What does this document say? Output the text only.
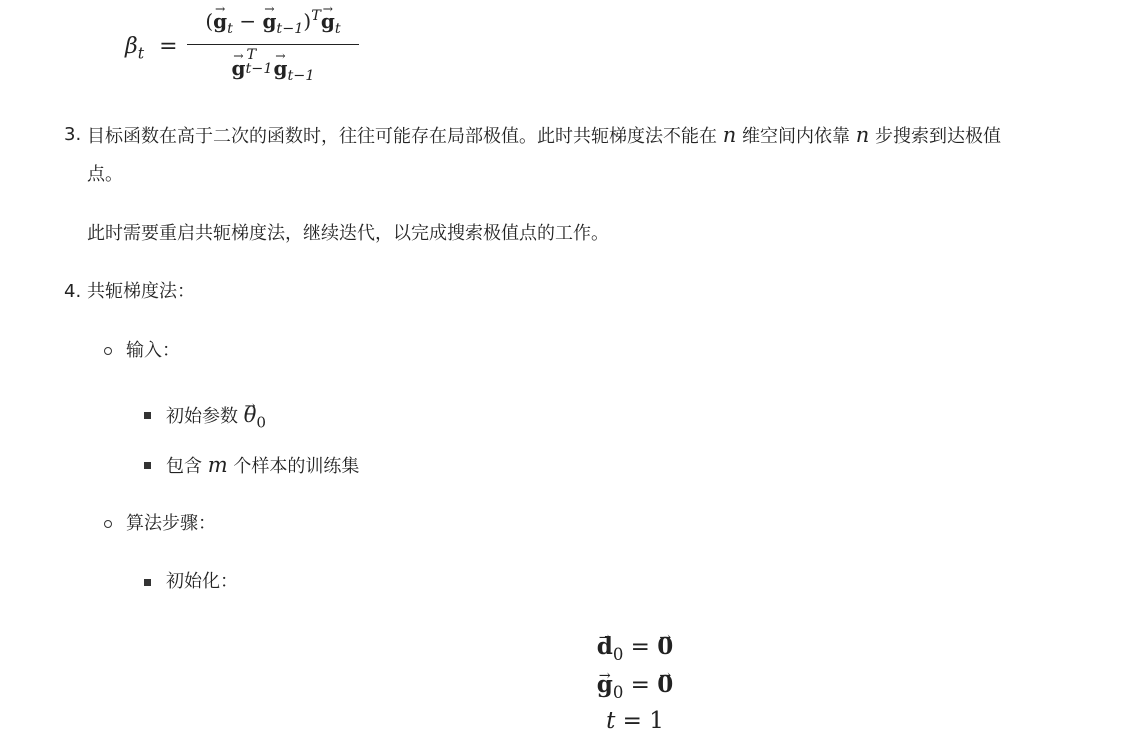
$\beta_t$ =
(→ $g_t$ − → $g_{t-1})^T\to g_t$
→ g
T
t−1
→ $g_{t-1}$
3. 目标函数在高于二次的函数时，往往可能存在局部极值。此时共轭梯度法不能在 n 维空间内依靠 n 步搜索到达极值
点。
此时需要重启共轭梯度法，继续迭代，以完成搜索极值点的工作。
4. 共轭梯度法：
输入：
初始参数 → $\theta_0$
包含 m 个样本的训练集
算法步骤：
初始化：
→ $d_0$ = → 0
→ $g_0$ = → 0
t = 1
